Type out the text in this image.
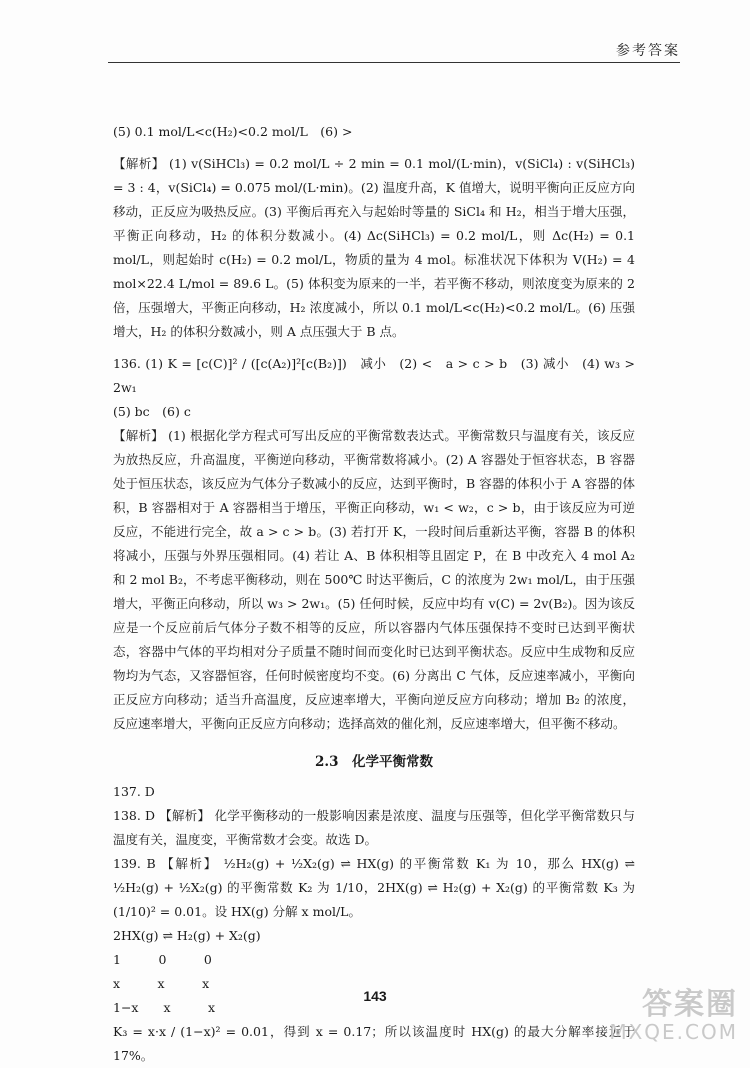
参考答案

(5) 0.1 mol/L<c(H₂)<0.2 mol/L　(6) >

【解析】 (1) v(SiHCl₃) = 0.2 mol/L ÷ 2 min = 0.1 mol/(L·min)，v(SiCl₄) : v(SiHCl₃) = 3 : 4，v(SiCl₄) = 0.075 mol/(L·min)。(2) 温度升高，K 值增大，说明平衡向正反应方向移动，正反应为吸热反应。(3) 平衡后再充入与起始时等量的 SiCl₄ 和 H₂，相当于增大压强，平衡正向移动，H₂ 的体积分数减小。(4) Δc(SiHCl₃) = 0.2 mol/L，则 Δc(H₂) = 0.1 mol/L，则起始时 c(H₂) = 0.2 mol/L，物质的量为 4 mol。标准状况下体积为 V(H₂) = 4 mol×22.4 L/mol = 89.6 L。(5) 体积变为原来的一半，若平衡不移动，则浓度变为原来的 2 倍，压强增大，平衡正向移动，H₂ 浓度减小，所以 0.1 mol/L<c(H₂)<0.2 mol/L。(6) 压强增大，H₂ 的体积分数减小，则 A 点压强大于 B 点。

136. (1) K = [c(C)]² / ([c(A₂)]²[c(B₂)])　减小　(2) <　a > c > b　(3) 减小　(4) w₃ > 2w₁

(5) bc　(6) c

【解析】 (1) 根据化学方程式可写出反应的平衡常数表达式。平衡常数只与温度有关，该反应为放热反应，升高温度，平衡逆向移动，平衡常数将减小。(2) A 容器处于恒容状态，B 容器处于恒压状态，该反应为气体分子数减小的反应，达到平衡时，B 容器的体积小于 A 容器的体积，B 容器相对于 A 容器相当于增压，平衡正向移动，w₁ < w₂，c > b，由于该反应为可逆反应，不能进行完全，故 a > c > b。(3) 若打开 K，一段时间后重新达平衡，容器 B 的体积将减小，压强与外界压强相同。(4) 若让 A、B 体积相等且固定 P，在 B 中改充入 4 mol A₂ 和 2 mol B₂，不考虑平衡移动，则在 500℃ 时达平衡后，C 的浓度为 2w₁ mol/L，由于压强增大，平衡正向移动，所以 w₃ > 2w₁。(5) 任何时候，反应中均有 v(C) = 2v(B₂)。因为该反应是一个反应前后气体分子数不相等的反应，所以容器内气体压强保持不变时已达到平衡状态，容器中气体的平均相对分子质量不随时间而变化时已达到平衡状态。反应中生成物和反应物均为气态，又容器恒容，任何时候密度均不变。(6) 分离出 C 气体，反应速率减小，平衡向正反应方向移动；适当升高温度，反应速率增大，平衡向逆反应方向移动；增加 B₂ 的浓度，反应速率增大，平衡向正反应方向移动；选择高效的催化剂，反应速率增大，但平衡不移动。

2.3　化学平衡常数

137. D

138. D 【解析】 化学平衡移动的一般影响因素是浓度、温度与压强等，但化学平衡常数只与温度有关，温度变，平衡常数才会变。故选 D。

139. B 【解析】 ½H₂(g) + ½X₂(g) ⇌ HX(g) 的平衡常数 K₁ 为 10，那么 HX(g) ⇌ ½H₂(g) + ½X₂(g) 的平衡常数 K₂ 为 1/10，2HX(g) ⇌ H₂(g) + X₂(g) 的平衡常数 K₃ 为 (1/10)² = 0.01。设 HX(g) 分解 x mol/L。

2HX(g) ⇌ H₂(g) + X₂(g)

1　　　0　　　0

x　　　x　　　x

1−x　　x　　　x

K₃ = x·x / (1−x)² = 0.01，得到 x = 0.17；所以该温度时 HX(g) 的最大分解率接近于 17%。

143	答案圈
MXQE.COM
